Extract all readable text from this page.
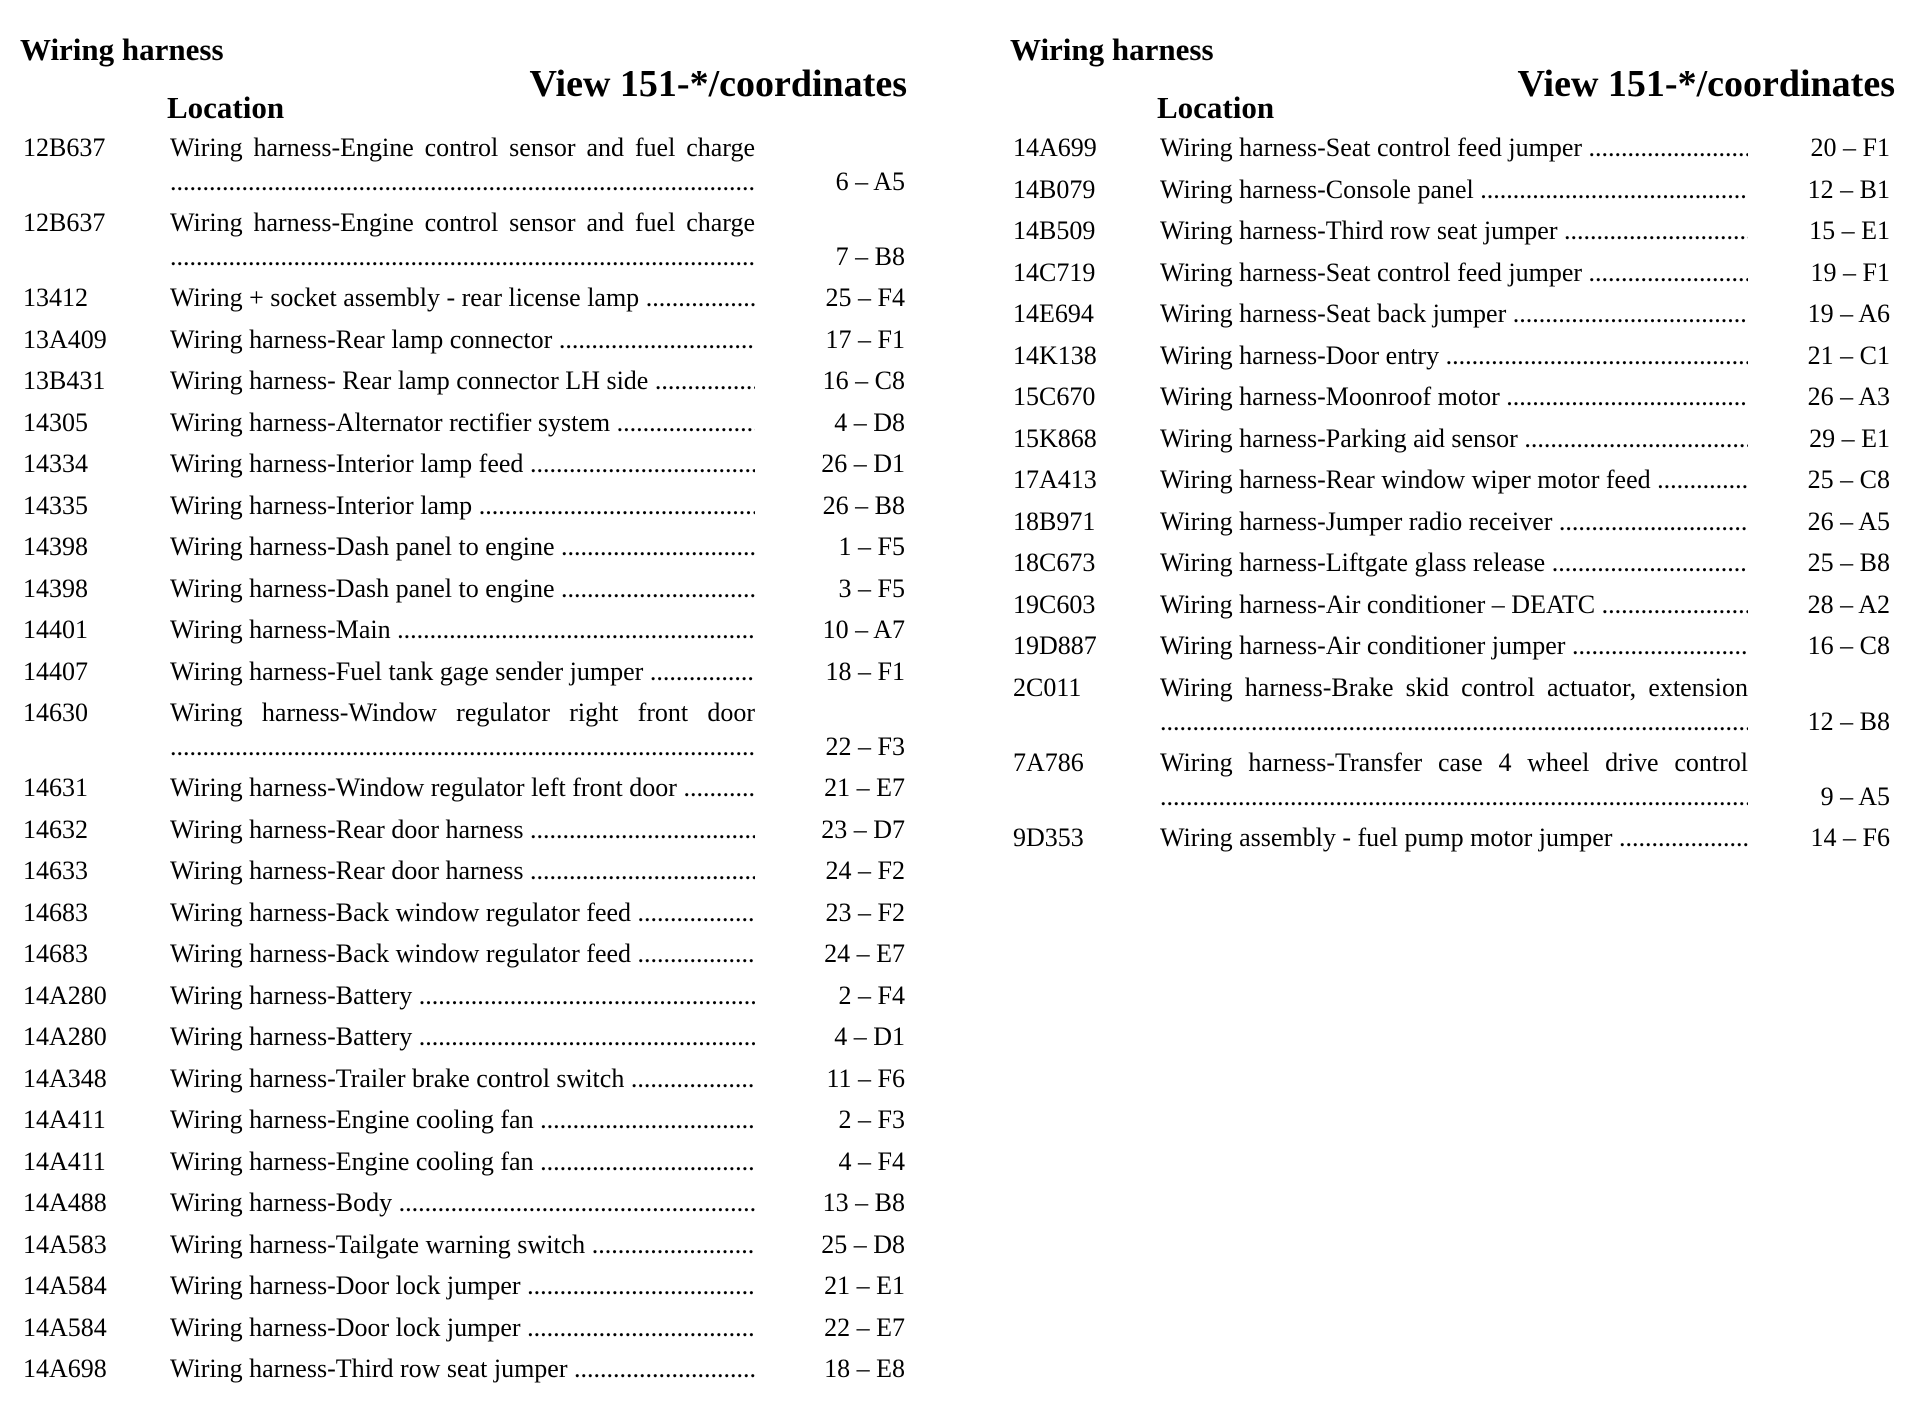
Wiring harness
Location
View 151-*/coordinates
12B637 Wiring harness-Engine control sensor and fuel charge
.....
6 – A5
12B637 Wiring harness-Engine control sensor and fuel charge
.....
7 – B8
13412	Wiring + socket assembly - rear license lamp .....	25 – F4
13A409 Wiring harness-Rear lamp connector .....	17 – F1
13B431 Wiring harness- Rear lamp connector LH side .....	16 – C8
14305	Wiring harness-Alternator rectifier system .....	4 – D8
14334	Wiring harness-Interior lamp feed .....	26 – D1
14335	Wiring harness-Interior lamp .....	26 – B8
14398	Wiring harness-Dash panel to engine .....	1 – F5
14398	Wiring harness-Dash panel to engine .....	3 – F5
14401	Wiring harness-Main .....	10 – A7
14407	Wiring harness-Fuel tank gage sender jumper .....	18 – F1
14630	Wiring harness-Window regulator right front door
.....
22 – F3
14631	Wiring harness-Window regulator left front door .....	21 – E7
14632	Wiring harness-Rear door harness .....	23 – D7
14633	Wiring harness-Rear door harness .....	24 – F2
14683	Wiring harness-Back window regulator feed .....	23 – F2
14683	Wiring harness-Back window regulator feed .....	24 – E7
14A280 Wiring harness-Battery .....	2 – F4
14A280 Wiring harness-Battery .....	4 – D1
14A348 Wiring harness-Trailer brake control switch .....	11 – F6
14A411 Wiring harness-Engine cooling fan .....	2 – F3
14A411 Wiring harness-Engine cooling fan .....	4 – F4
14A488 Wiring harness-Body .....	13 – B8
14A583 Wiring harness-Tailgate warning switch .....	25 – D8
14A584 Wiring harness-Door lock jumper .....	21 – E1
14A584 Wiring harness-Door lock jumper .....	22 – E7
14A698 Wiring harness-Third row seat jumper .....	18 – E8
Wiring harness
Location
View 151-*/coordinates
14A699 Wiring harness-Seat control feed jumper .....	20 – F1
14B079 Wiring harness-Console panel .....	12 – B1
14B509 Wiring harness-Third row seat jumper .....	15 – E1
14C719 Wiring harness-Seat control feed jumper .....	19 – F1
14E694	Wiring harness-Seat back jumper .....	19 – A6
14K138 Wiring harness-Door entry .....	21 – C1
15C670 Wiring harness-Moonroof motor .....	26 – A3
15K868 Wiring harness-Parking aid sensor .....	29 – E1
17A413 Wiring harness-Rear window wiper motor feed .....	25 – C8
18B971 Wiring harness-Jumper radio receiver .....	26 – A5
18C673 Wiring harness-Liftgate glass release .....	25 – B8
19C603 Wiring harness-Air conditioner – DEATC .....	28 – A2
19D887 Wiring harness-Air conditioner jumper .....	16 – C8
2C011	Wiring harness-Brake skid control actuator, extension
.....
12 – B8
7A786	Wiring harness-Transfer case 4 wheel drive control
.....
9 – A5
9D353	Wiring assembly - fuel pump motor jumper .....	14 – F6
